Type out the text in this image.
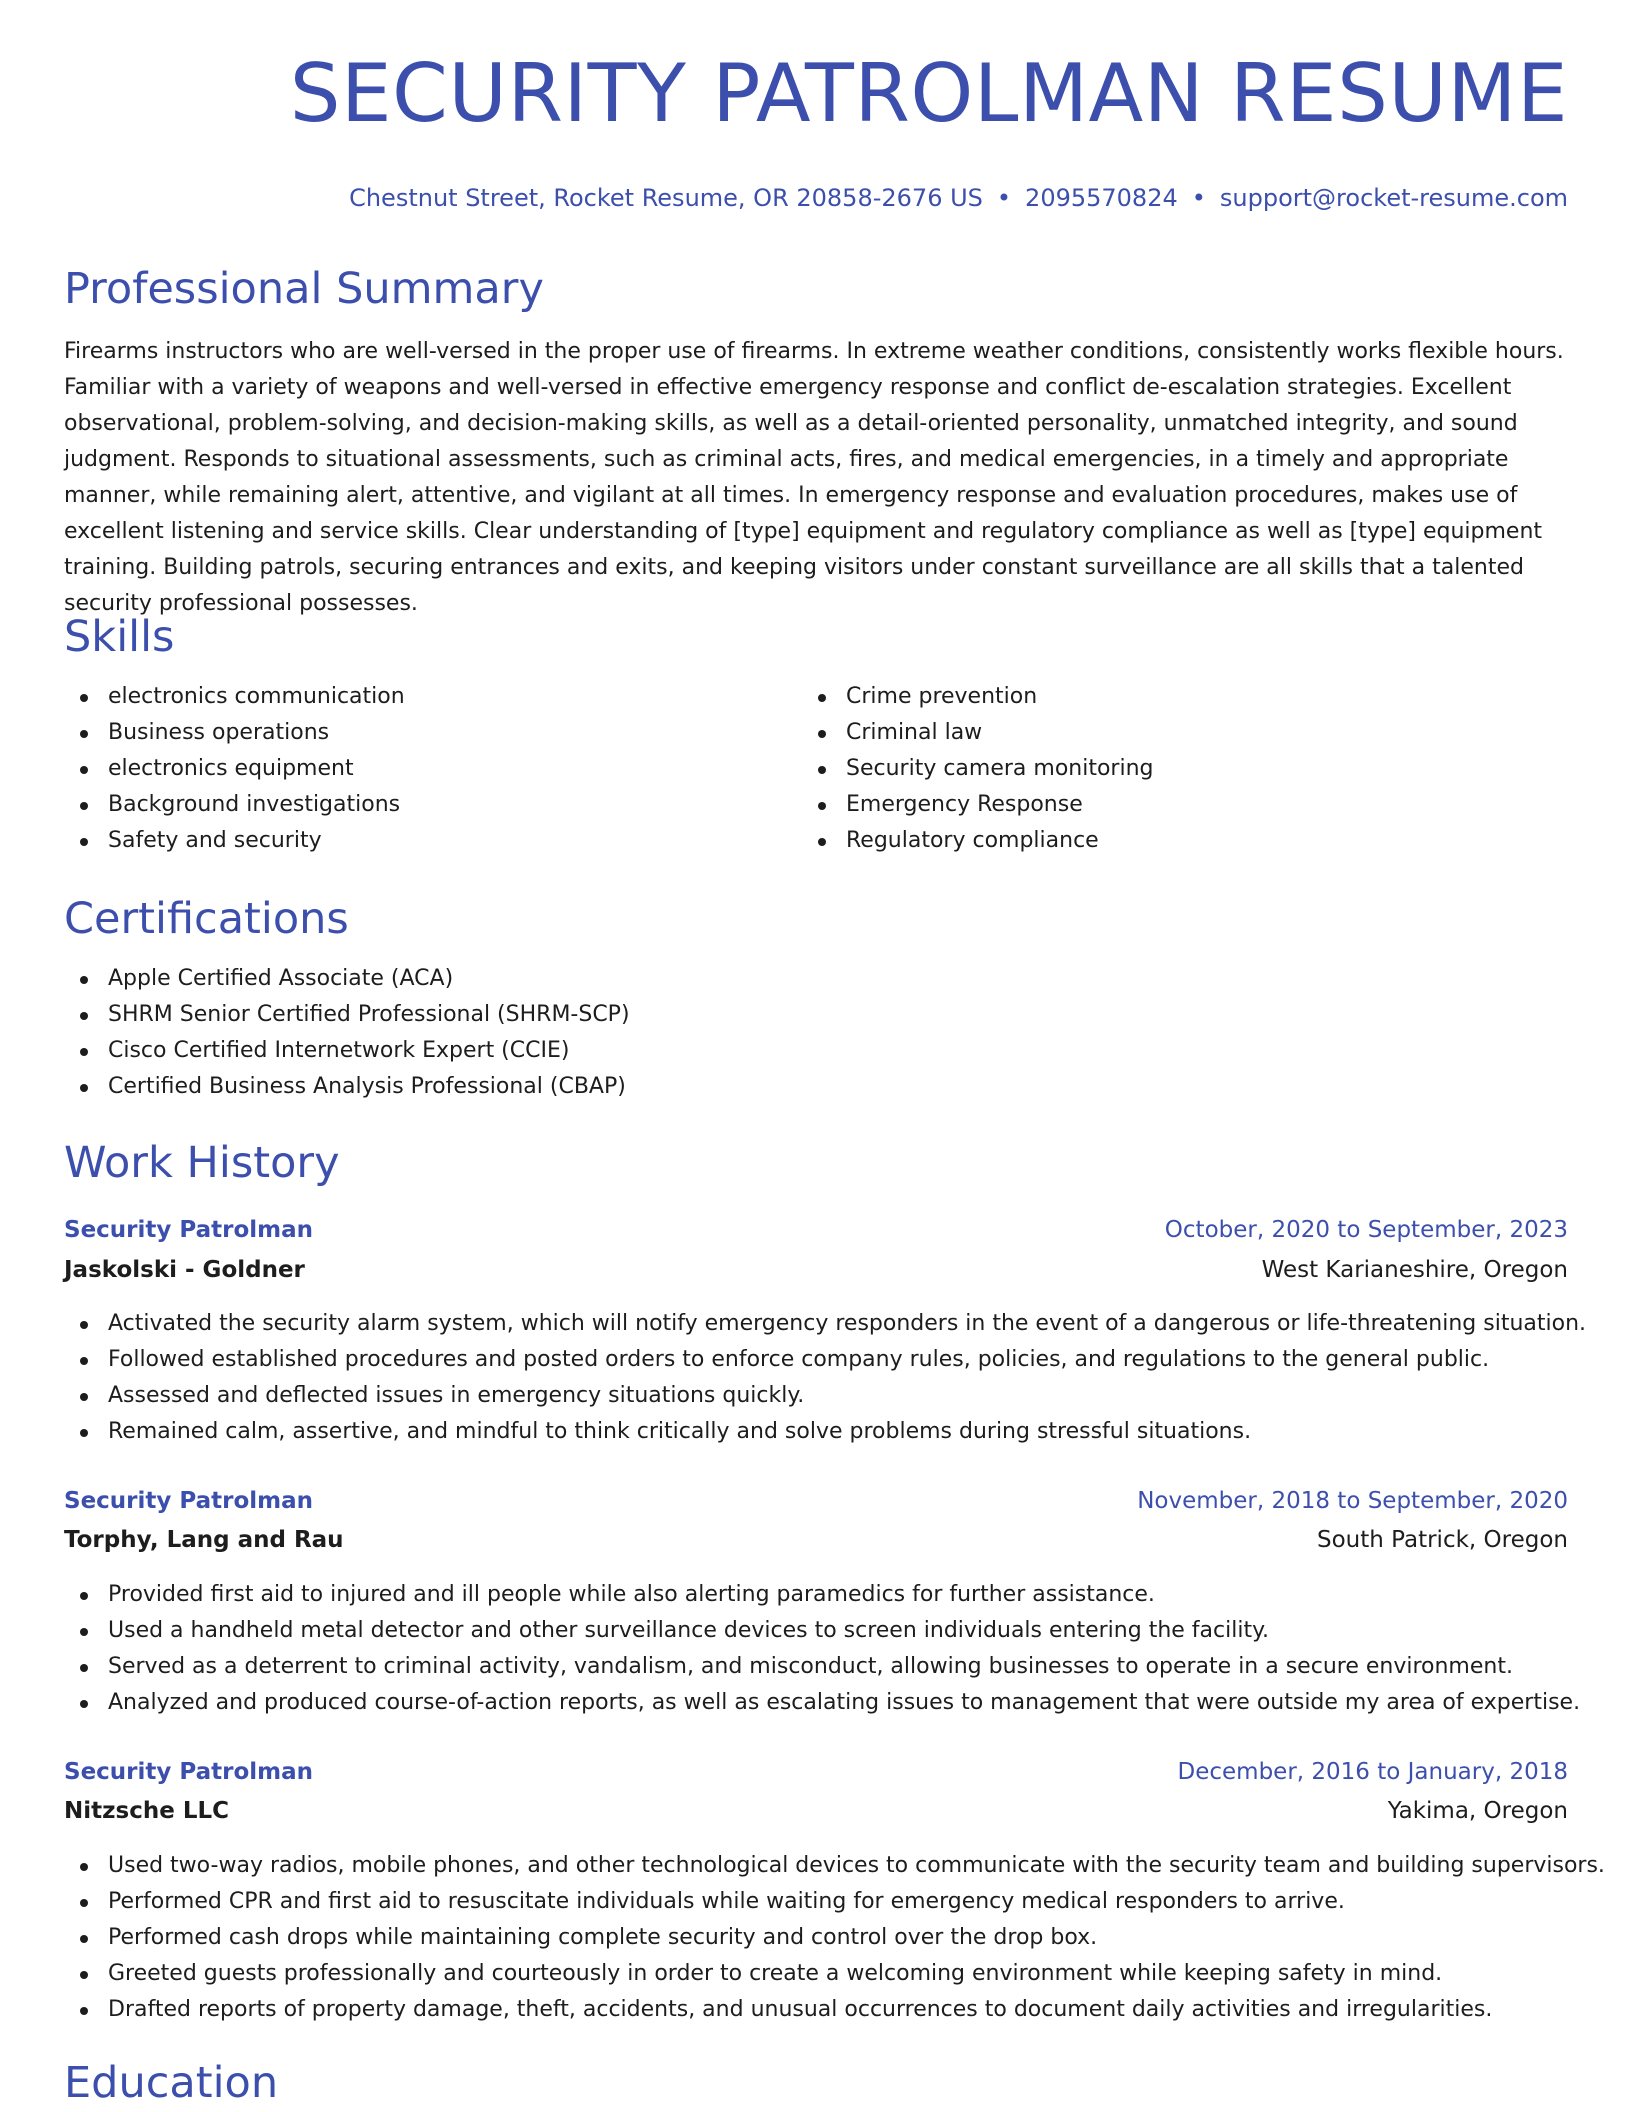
SECURITY PATROLMAN RESUME
Chestnut Street, Rocket Resume, OR 20858-2676 US • 2095570824 • support@rocket-resume.com
Professional Summary

Firearms instructors who are well-versed in the proper use of firearms. In extreme weather conditions, consistently works flexible hours. Familiar with a variety of weapons and well-versed in effective emergency response and conflict de-escalation strategies. Excellent observational, problem-solving, and decision-making skills, as well as a detail-oriented personality, unmatched integrity, and sound judgment. Responds to situational assessments, such as criminal acts, fires, and medical emergencies, in a timely and appropriate manner, while remaining alert, attentive, and vigilant at all times. In emergency response and evaluation procedures, makes use of excellent listening and service skills. Clear understanding of [type] equipment and regulatory compliance as well as [type] equipment training. Building patrols, securing entrances and exits, and keeping visitors under constant surveillance are all skills that a talented security professional possesses.

Skills
electronics communication
Business operations
electronics equipment
Background investigations
Safety and security
Crime prevention
Criminal law
Security camera monitoring
Emergency Response
Regulatory compliance
Certifications
Apple Certified Associate (ACA)
SHRM Senior Certified Professional (SHRM-SCP)
Cisco Certified Internetwork Expert (CCIE)
Certified Business Analysis Professional (CBAP)
Work History
Security Patrolman	October, 2020 to September, 2023
Jaskolski - Goldner	West Karianeshire, Oregon
Activated the security alarm system, which will notify emergency responders in the event of a dangerous or life-threatening situation.
Followed established procedures and posted orders to enforce company rules, policies, and regulations to the general public.
Assessed and deflected issues in emergency situations quickly.
Remained calm, assertive, and mindful to think critically and solve problems during stressful situations.
Security Patrolman	November, 2018 to September, 2020
Torphy, Lang and Rau	South Patrick, Oregon
Provided first aid to injured and ill people while also alerting paramedics for further assistance.
Used a handheld metal detector and other surveillance devices to screen individuals entering the facility.
Served as a deterrent to criminal activity, vandalism, and misconduct, allowing businesses to operate in a secure environment.
Analyzed and produced course-of-action reports, as well as escalating issues to management that were outside my area of expertise.
Security Patrolman	December, 2016 to January, 2018
Nitzsche LLC	Yakima, Oregon
Used two-way radios, mobile phones, and other technological devices to communicate with the security team and building supervisors.
Performed CPR and first aid to resuscitate individuals while waiting for emergency medical responders to arrive.
Performed cash drops while maintaining complete security and control over the drop box.
Greeted guests professionally and courteously in order to create a welcoming environment while keeping safety in mind.
Drafted reports of property damage, theft, accidents, and unusual occurrences to document daily activities and irregularities.
Education
